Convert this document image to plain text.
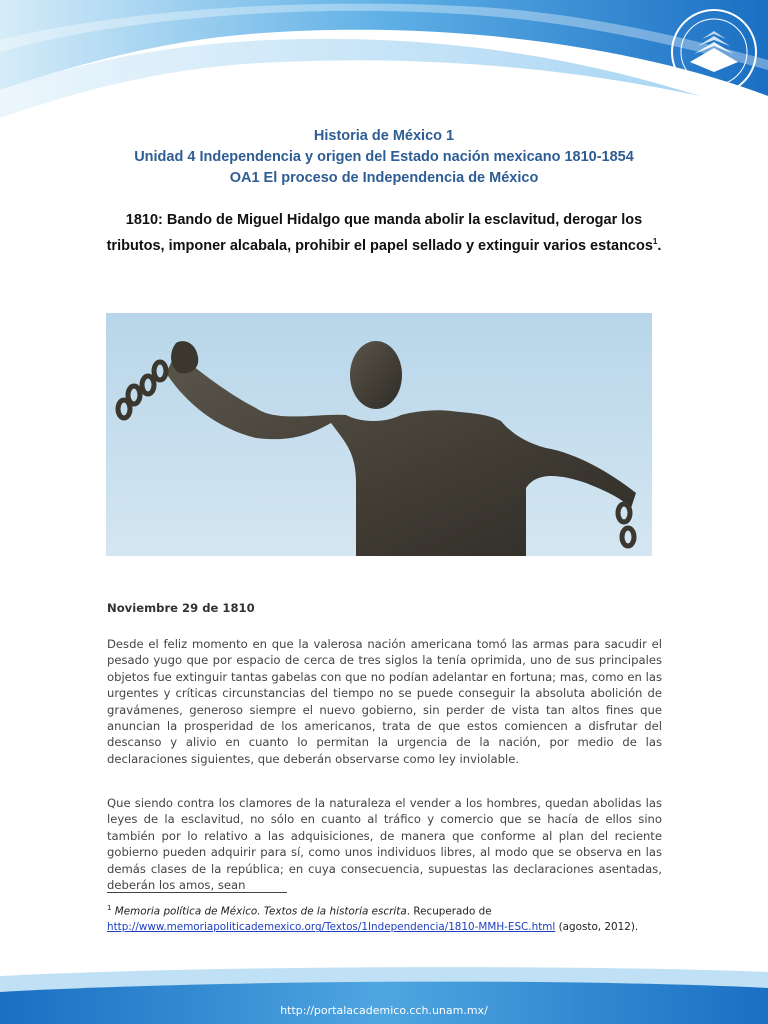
Historia de México 1
Unidad 4 Independencia y origen del Estado nación mexicano 1810-1854
OA1 El proceso de Independencia de México
1810: Bando de Miguel Hidalgo que manda abolir la esclavitud, derogar los tributos, imponer alcabala, prohibir el papel sellado y extinguir varios estancos$^1$.
Noviembre 29 de 1810
Desde el feliz momento en que la valerosa nación americana tomó las armas para sacudir el pesado yugo que por espacio de cerca de tres siglos la tenía oprimida, uno de sus principales objetos fue extinguir tantas gabelas con que no podían adelantar en fortuna; mas, como en las urgentes y críticas circunstancias del tiempo no se puede conseguir la absoluta abolición de gravámenes, generoso siempre el nuevo gobierno, sin perder de vista tan altos fines que anuncian la prosperidad de los americanos, trata de que estos comiencen a disfrutar del descanso y alivio en cuanto lo permitan la urgencia de la nación, por medio de las declaraciones siguientes, que deberán observarse como ley inviolable.
Que siendo contra los clamores de la naturaleza el vender a los hombres, quedan abolidas las leyes de la esclavitud, no sólo en cuanto al tráfico y comercio que se hacía de ellos sino también por lo relativo a las adquisiciones, de manera que conforme al plan del reciente gobierno pueden adquirir para sí, como unos individuos libres, al modo que se observa en las demás clases de la república; en cuya consecuencia, supuestas las declaraciones asentadas, deberán los amos, sean
$^1$ Memoria política de México. Textos de la historia escrita. Recuperado de
http://www.memoriapoliticademexico.org/Textos/1Independencia/1810-MMH-ESC.html (agosto, 2012).
http://portalacademico.cch.unam.mx/
